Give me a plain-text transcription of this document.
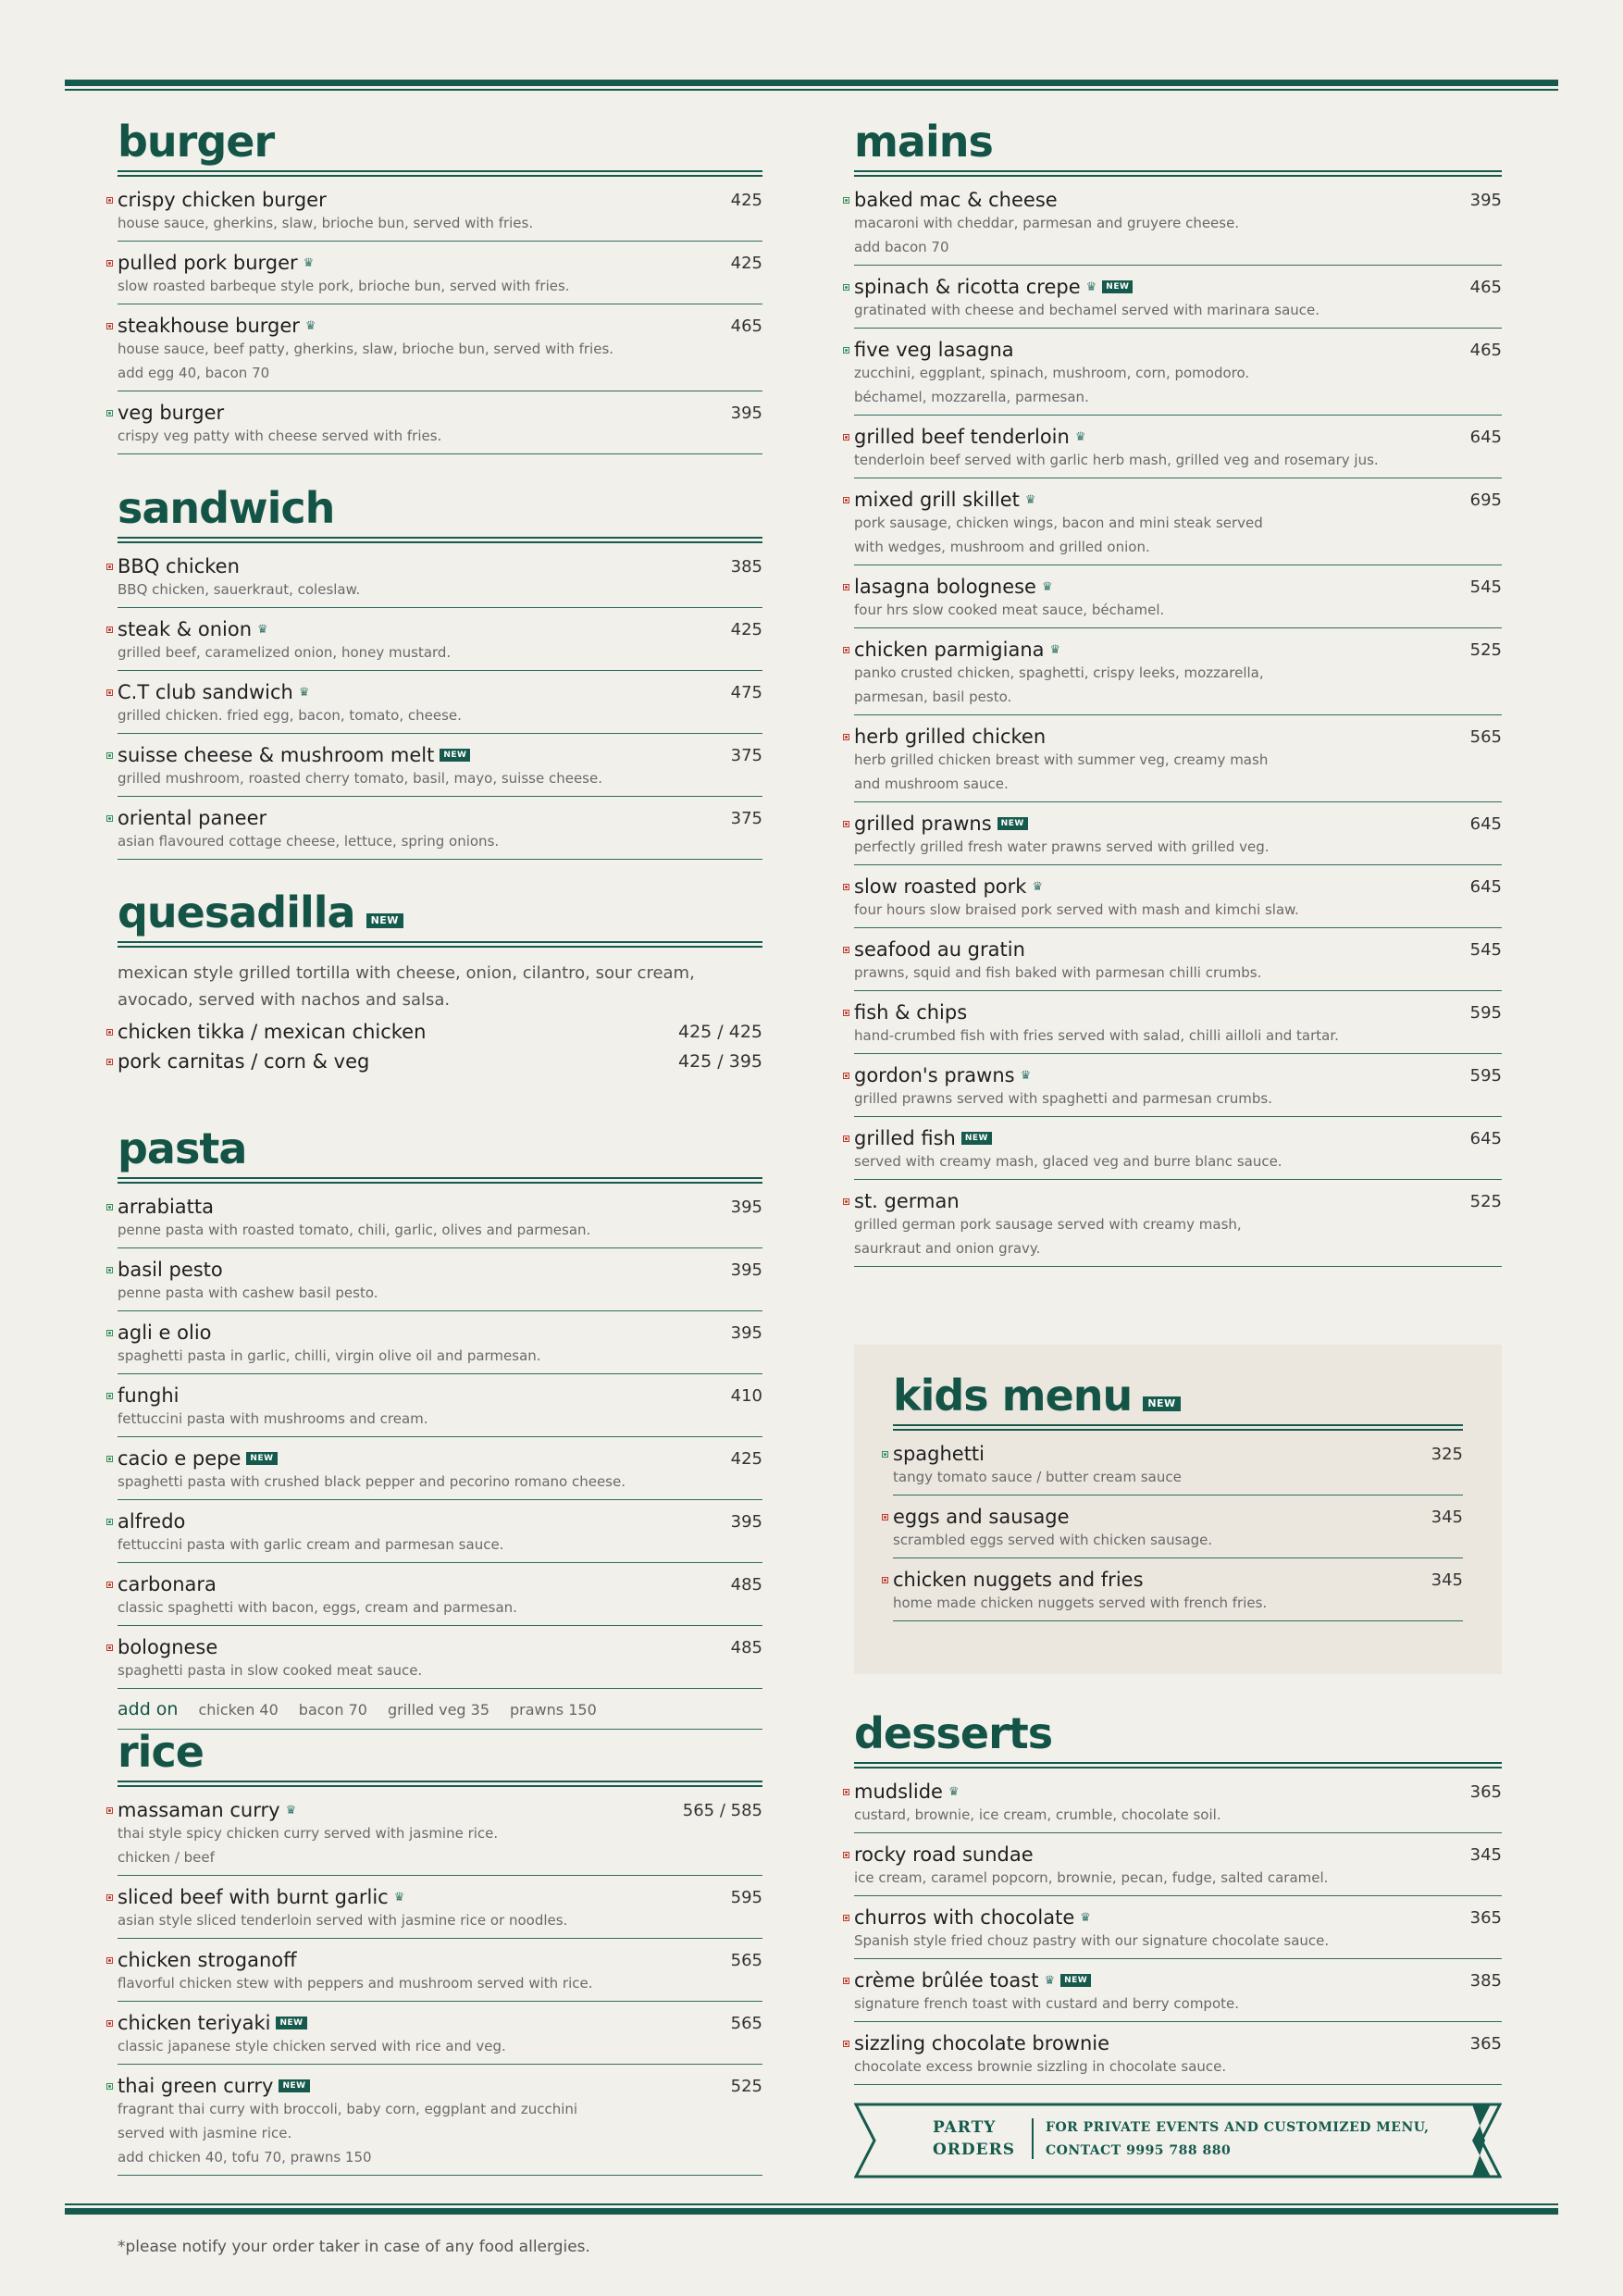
burger
crispy chicken burger	425
house sauce, gherkins, slaw, brioche bun, served with fries.
pulled pork burger ♛	425
slow roasted barbeque style pork, brioche bun, served with fries.
steakhouse burger ♛	465
house sauce, beef patty, gherkins, slaw, brioche bun, served with fries.
add egg 40, bacon 70
veg burger	395
crispy veg patty with cheese served with fries.
sandwich
BBQ chicken	385
BBQ chicken, sauerkraut, coleslaw.
steak & onion ♛	425
grilled beef, caramelized onion, honey mustard.
C.T club sandwich ♛	475
grilled chicken. fried egg, bacon, tomato, cheese.
suisse cheese & mushroom melt	NEW	375
grilled mushroom, roasted cherry tomato, basil, mayo, suisse cheese.
oriental paneer	375
asian flavoured cottage cheese, lettuce, spring onions.
quesadilla	NEW
mexican style grilled tortilla with cheese, onion, cilantro, sour cream,
avocado, served with nachos and salsa.
chicken tikka / mexican chicken	425 / 425
pork carnitas / corn & veg	425 / 395
pasta
arrabiatta	395
penne pasta with roasted tomato, chili, garlic, olives and parmesan.
basil pesto	395
penne pasta with cashew basil pesto.
agli e olio	395
spaghetti pasta in garlic, chilli, virgin olive oil and parmesan.
funghi	410
fettuccini pasta with mushrooms and cream.
cacio e pepe	NEW	425
spaghetti pasta with crushed black pepper and pecorino romano cheese.
alfredo	395
fettuccini pasta with garlic cream and parmesan sauce.
carbonara	485
classic spaghetti with bacon, eggs, cream and parmesan.
bolognese	485
spaghetti pasta in slow cooked meat sauce.
add on chicken 40 bacon 70 grilled veg 35 prawns 150
rice
massaman curry ♛	565 / 585
thai style spicy chicken curry served with jasmine rice.
chicken / beef
sliced beef with burnt garlic ♛	595
asian style sliced tenderloin served with jasmine rice or noodles.
chicken stroganoff	565
flavorful chicken stew with peppers and mushroom served with rice.
chicken teriyaki	NEW	565
classic japanese style chicken served with rice and veg.
thai green curry	NEW	525
fragrant thai curry with broccoli, baby corn, eggplant and zucchini
served with jasmine rice.
add chicken 40, tofu 70, prawns 150
mains
baked mac & cheese	395
macaroni with cheddar, parmesan and gruyere cheese.
add bacon 70
spinach & ricotta crepe ♛	NEW	465
gratinated with cheese and bechamel served with marinara sauce.
five veg lasagna	465
zucchini, eggplant, spinach, mushroom, corn, pomodoro.
béchamel, mozzarella, parmesan.
grilled beef tenderloin ♛	645
tenderloin beef served with garlic herb mash, grilled veg and rosemary jus.
mixed grill skillet ♛	695
pork sausage, chicken wings, bacon and mini steak served
with wedges, mushroom and grilled onion.
lasagna bolognese ♛	545
four hrs slow cooked meat sauce, béchamel.
chicken parmigiana ♛	525
panko crusted chicken, spaghetti, crispy leeks, mozzarella,
parmesan, basil pesto.
herb grilled chicken	565
herb grilled chicken breast with summer veg, creamy mash
and mushroom sauce.
grilled prawns	NEW	645
perfectly grilled fresh water prawns served with grilled veg.
slow roasted pork ♛	645
four hours slow braised pork served with mash and kimchi slaw.
seafood au gratin	545
prawns, squid and fish baked with parmesan chilli crumbs.
fish & chips	595
hand-crumbed fish with fries served with salad, chilli ailloli and tartar.
gordon's prawns ♛	595
grilled prawns served with spaghetti and parmesan crumbs.
grilled fish	NEW	645
served with creamy mash, glaced veg and burre blanc sauce.
st. german	525
grilled german pork sausage served with creamy mash,
saurkraut and onion gravy.
kids menu	NEW
spaghetti	325
tangy tomato sauce / butter cream sauce
eggs and sausage	345
scrambled eggs served with chicken sausage.
chicken nuggets and fries	345
home made chicken nuggets served with french fries.
desserts
mudslide ♛	365
custard, brownie, ice cream, crumble, chocolate soil.
rocky road sundae	345
ice cream, caramel popcorn, brownie, pecan, fudge, salted caramel.
churros with chocolate ♛	365
Spanish style fried chouz pastry with our signature chocolate sauce.
crème brûlée toast ♛	NEW	385
signature french toast with custard and berry compote.
sizzling chocolate brownie	365
chocolate excess brownie sizzling in chocolate sauce.
PARTY
ORDERS
FOR PRIVATE EVENTS AND CUSTOMIZED MENU,
CONTACT 9995 788 880
*please notify your order taker in case of any food allergies.
